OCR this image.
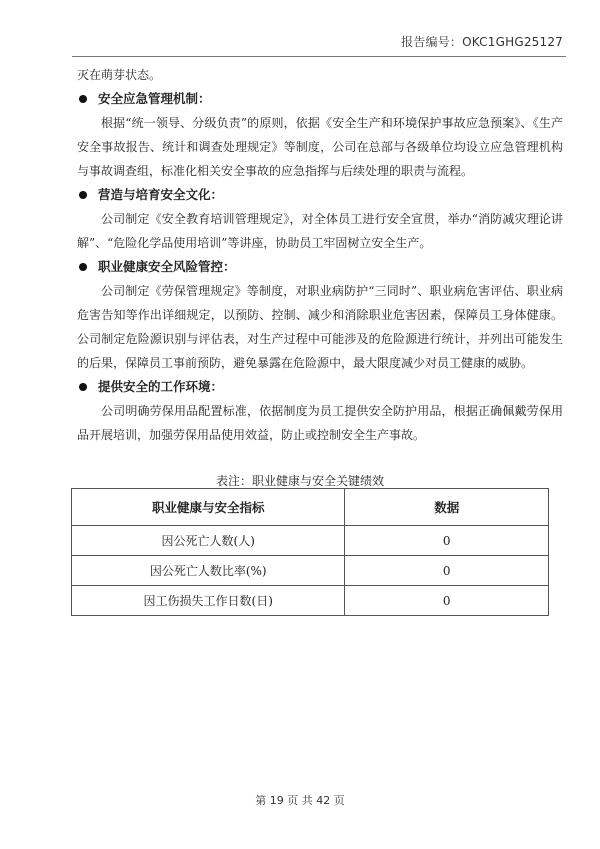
报告编号：OKC1GHG25127

灭在萌芽状态。

安全应急管理机制：

根据“统一领导、分级负责”的原则，依据《安全生产和环境保护事故应急预案》、《生产安全事故报告、统计和调查处理规定》等制度，公司在总部与各级单位均设立应急管理机构与事故调查组，标准化相关安全事故的应急指挥与后续处理的职责与流程。

营造与培育安全文化：

公司制定《安全教育培训管理规定》，对全体员工进行安全宣贯，举办“消防减灾理论讲解”、“危险化学品使用培训”等讲座，协助员工牢固树立安全生产。

职业健康安全风险管控：

公司制定《劳保管理规定》等制度，对职业病防护“三同时”、职业病危害评估、职业病危害告知等作出详细规定，以预防、控制、减少和消除职业危害因素，保障员工身体健康。公司制定危险源识别与评估表，对生产过程中可能涉及的危险源进行统计，并列出可能发生的后果，保障员工事前预防，避免暴露在危险源中，最大限度减少对员工健康的威胁。

提供安全的工作环境：

公司明确劳保用品配置标准，依据制度为员工提供安全防护用品，根据正确佩戴劳保用品开展培训，加强劳保用品使用效益，防止或控制安全生产事故。

表注：职业健康与安全关键绩效
职业健康与安全指标	数据
因公死亡人数(人)	0
因公死亡人数比率(%)	0
因工伤损失工作日数(日)	0
第 19 页 共 42 页
